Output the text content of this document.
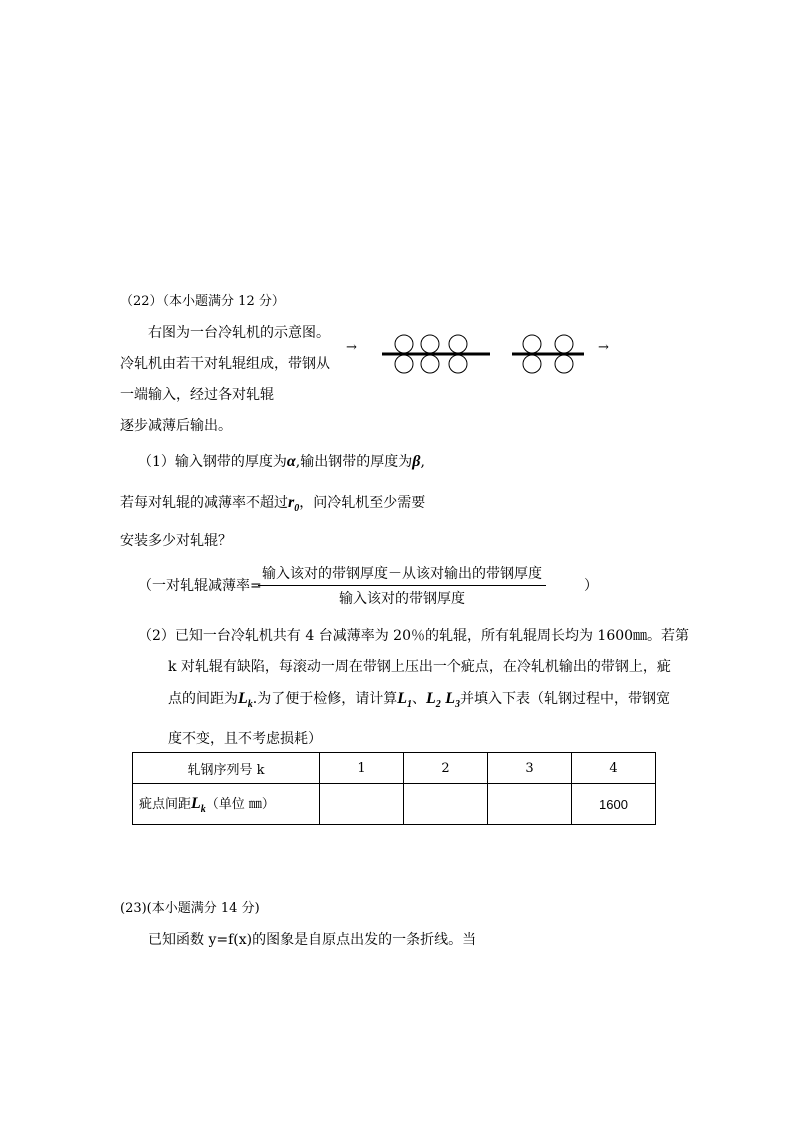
（22）（本小题满分 12 分）
右图为一台冷轧机的示意图。
冷轧机由若干对轧辊组成，带钢从
一端输入，经过各对轧辊
逐步减薄后输出。
→	→
（1）输入钢带的厚度为α,输出钢带的厚度为β,
若每对轧辊的减薄率不超过$r_0$，问冷轧机至少需要
安装多少对轧辊？
（一对轧辊减薄率=
输入该对的带钢厚度－从该对输出的带钢厚度
输入该对的带钢厚度
）
（2）已知一台冷轧机共有 4 台减薄率为 20％的轧辊，所有轧辊周长均为 1600㎜。若第
k 对轧辊有缺陷，每滚动一周在带钢上压出一个疵点，在冷轧机输出的带钢上，疵
点的间距为$L_k$.为了便于检修，请计算$L_1$、$L_2$ $L_3$并填入下表（轧钢过程中，带钢宽
度不变，且不考虑损耗）
轧钢序列号 k	1	2	3	4
疵点间距$L_k$（单位 ㎜）				1600
(23)(本小题满分 14 分)
已知函数 y=f(x)的图象是自原点出发的一条折线。当
